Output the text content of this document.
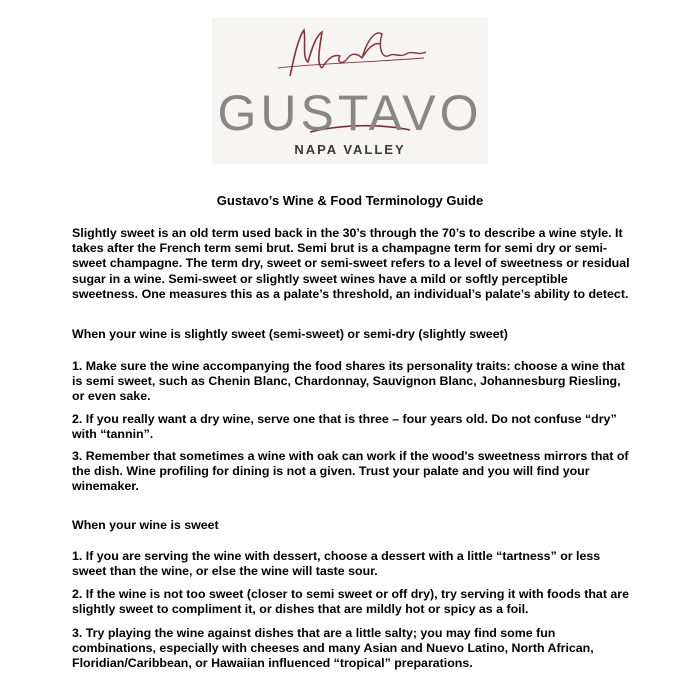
GUSTAVO
NAPA VALLEY
Gustavo’s Wine & Food Terminology Guide
Slightly sweet is an old term used back in the 30’s through the 70’s to describe a wine style. It takes after the French term semi brut. Semi brut is a champagne term for semi dry or semi-sweet champagne. The term dry, sweet or semi-sweet refers to a level of sweetness or residual sugar in a wine. Semi-sweet or slightly sweet wines have a mild or softly perceptible sweetness. One measures this as a palate’s threshold, an individual’s palate’s ability to detect.
When your wine is slightly sweet (semi-sweet) or semi-dry (slightly sweet)
1. Make sure the wine accompanying the food shares its personality traits: choose a wine that is semi sweet, such as Chenin Blanc, Chardonnay, Sauvignon Blanc, Johannesburg Riesling, or even sake.
2. If you really want a dry wine, serve one that is three – four years old. Do not confuse “dry” with “tannin”.
3. Remember that sometimes a wine with oak can work if the wood's sweetness mirrors that of the dish. Wine profiling for dining is not a given. Trust your palate and you will find your winemaker.
When your wine is sweet
1. If you are serving the wine with dessert, choose a dessert with a little “tartness” or less sweet than the wine, or else the wine will taste sour.
2. If the wine is not too sweet (closer to semi sweet or off dry), try serving it with foods that are slightly sweet to compliment it, or dishes that are mildly hot or spicy as a foil.
3. Try playing the wine against dishes that are a little salty; you may find some fun combinations, especially with cheeses and many Asian and Nuevo Latino, North African, Floridian/Caribbean, or Hawaiian influenced “tropical” preparations.
